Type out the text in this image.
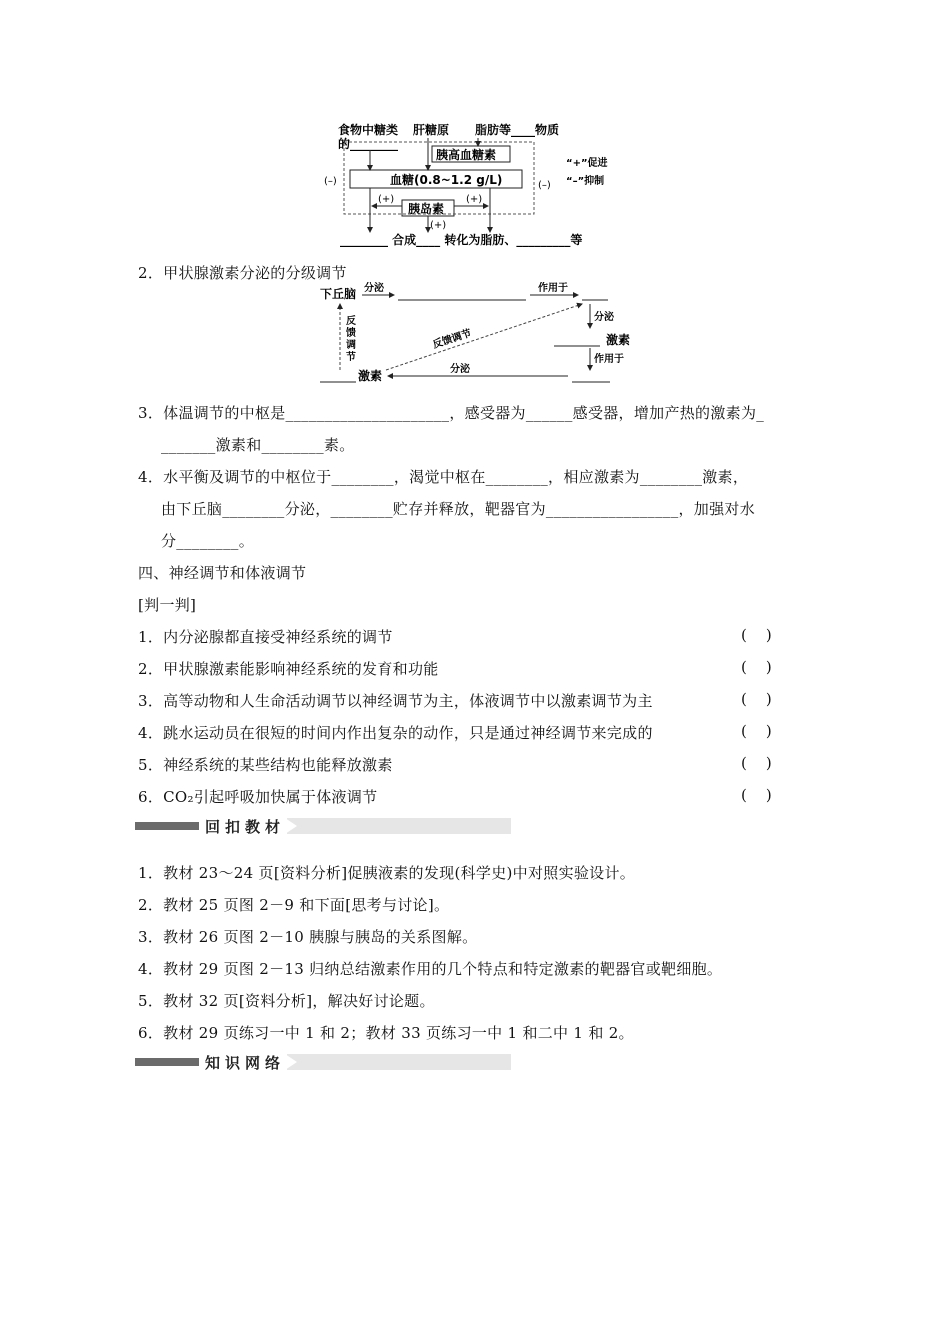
食物中糖类
的________
肝糖原 脂肪等____物质
胰高血糖素
血糖(0.8~1.2 g/L)
胰岛素
(+)	(+)
(+)
(–)	(–)
“+”促进
“–”抑制
________ 合成____ 转化为脂肪、_________等
2．甲状腺激素分泌的分级调节
下丘脑 分泌	作用于
分泌
激素
作用于
分泌
激素
反馈调节
反
馈
调
节
3．体温调节的中枢是_____________________，感受器为______感受器，增加产热的激素为_
_______激素和________素。
4．水平衡及调节的中枢位于________，渴觉中枢在________，相应激素为________激素，
由下丘脑________分泌，________贮存并释放，靶器官为_________________，加强对水
分________。
四、神经调节和体液调节
[判一判]
1．内分泌腺都直接受神经系统的调节	(    )
2．甲状腺激素能影响神经系统的发育和功能	(    )
3．高等动物和人生命活动调节以神经调节为主，体液调节中以激素调节为主	(    )
4．跳水运动员在很短的时间内作出复杂的动作，只是通过神经调节来完成的	(    )
5．神经系统的某些结构也能释放激素	(    )
6．CO₂引起呼吸加快属于体液调节	(    )
回扣教材
1．教材 23～24 页[资料分析]促胰液素的发现(科学史)中对照实验设计。
2．教材 25 页图 2－9 和下面[思考与讨论]。
3．教材 26 页图 2－10 胰腺与胰岛的关系图解。
4．教材 29 页图 2－13 归纳总结激素作用的几个特点和特定激素的靶器官或靶细胞。
5．教材 32 页[资料分析]，解决好讨论题。
6．教材 29 页练习一中 1 和 2；教材 33 页练习一中 1 和二中 1 和 2。
知识网络
